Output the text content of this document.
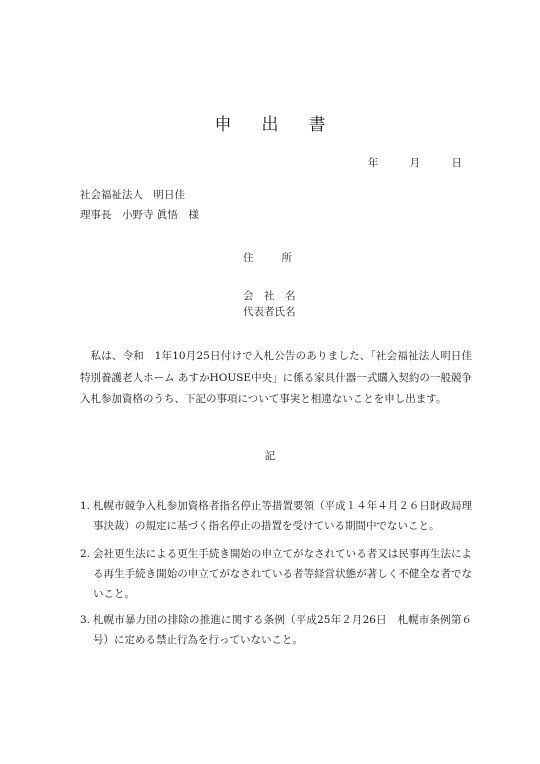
申出書
年	月	日
社会福祉法人　明日佳
理事長　小野寺 眞悟　様
住所
会社名
代表者氏名

私は、令和　1年10月25日付けで入札公告のありました、「社会福祉法人明日佳 特別養護老人ホーム あすかHOUSE中央」に係る家具什器一式購入契約の一般競争入札参加資格のうち、下記の事項について事実と相違ないことを申し出ます。

記
1. 札幌市競争入札参加資格者指名停止等措置要領（平成１４年４月２６日財政局理事決裁）の規定に基づく指名停止の措置を受けている期間中でないこと。
2. 会社更生法による更生手続き開始の申立てがなされている者又は民事再生法による再生手続き開始の申立てがなされている者等経営状態が著しく不健全な者でないこと。
3. 札幌市暴力団の排除の推進に関する条例（平成25年２月26日　札幌市条例第６号）に定める禁止行為を行っていないこと。
